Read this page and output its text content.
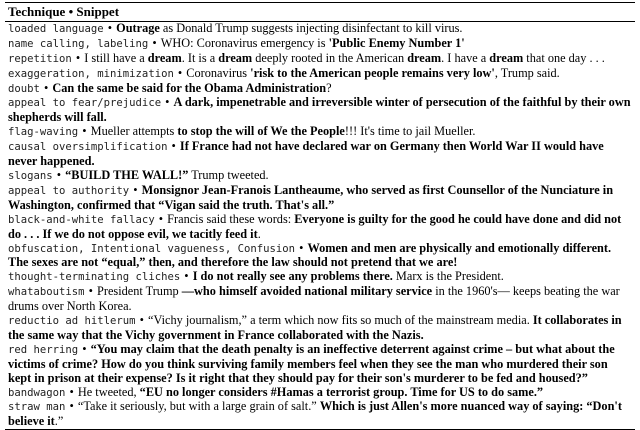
Technique • Snippet
loaded language • Outrage as Donald Trump suggests injecting disinfectant to kill virus.
name calling, labeling • WHO: Coronavirus emergency is 'Public Enemy Number 1'
repetition • I still have a dream. It is a dream deeply rooted in the American dream. I have a dream that one day . . .
exaggeration, minimization • Coronavirus 'risk to the American people remains very low', Trump said.
doubt • Can the same be said for the Obama Administration?
appeal to fear/prejudice • A dark, impenetrable and irreversible winter of persecution of the faithful by their own shepherds will fall.
flag-waving • Mueller attempts to stop the will of We the People!!! It's time to jail Mueller.
causal oversimplification • If France had not have declared war on Germany then World War II would have never happened.
slogans • “BUILD THE WALL!” Trump tweeted.
appeal to authority • Monsignor Jean-Franois Lantheaume, who served as first Counsellor of the Nunciature in Washington, confirmed that “Vigan said the truth. That's all.”
black-and-white fallacy • Francis said these words: Everyone is guilty for the good he could have done and did not do . . . If we do not oppose evil, we tacitly feed it.
obfuscation, Intentional vagueness, Confusion • Women and men are physically and emotionally different. The sexes are not “equal,” then, and therefore the law should not pretend that we are!
thought-terminating cliches • I do not really see any problems there. Marx is the President.
whataboutism • President Trump —who himself avoided national military service in the 1960's— keeps beating the war drums over North Korea.
reductio ad hitlerum • “Vichy journalism,” a term which now fits so much of the mainstream media. It collaborates in the same way that the Vichy government in France collaborated with the Nazis.
red herring • “You may claim that the death penalty is an ineffective deterrent against crime – but what about the victims of crime? How do you think surviving family members feel when they see the man who murdered their son kept in prison at their expense? Is it right that they should pay for their son's murderer to be fed and housed?”
bandwagon • He tweeted, “EU no longer considers #Hamas a terrorist group. Time for US to do same.”
straw man • “Take it seriously, but with a large grain of salt.” Which is just Allen's more nuanced way of saying: “Don't believe it.”
